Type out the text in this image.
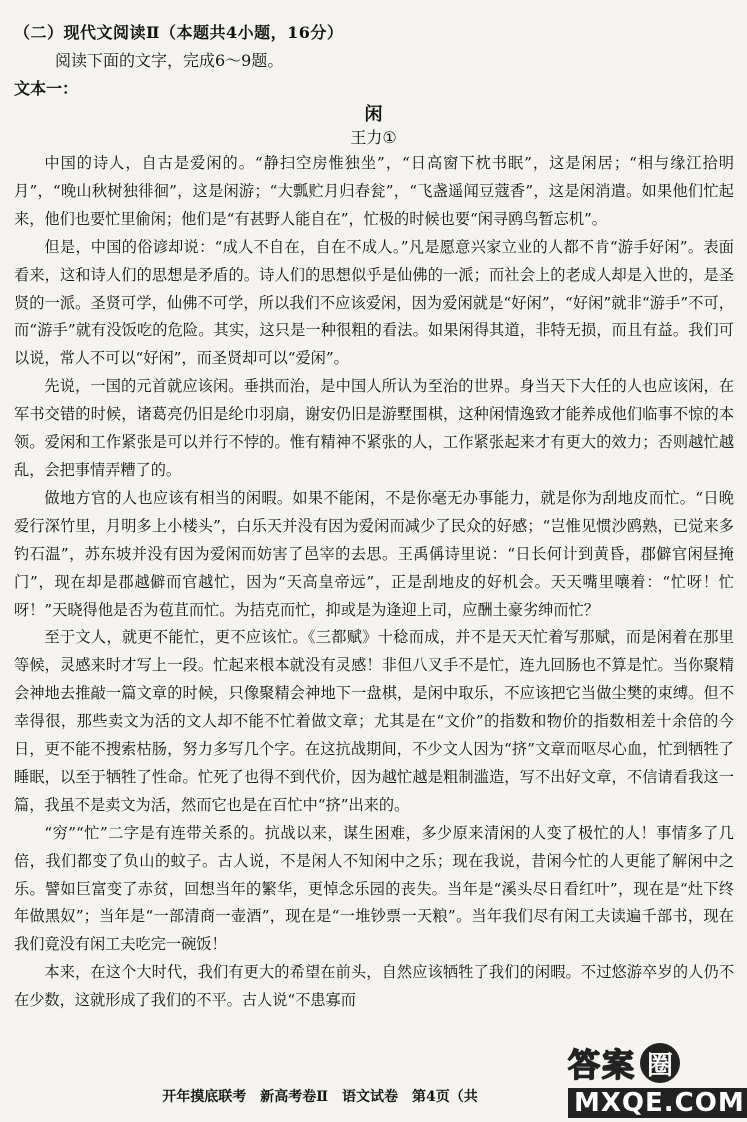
（二）现代文阅读Ⅱ（本题共4小题，16分）
阅读下面的文字，完成6～9题。
文本一：
闲
王力①

中国的诗人，自古是爱闲的。“静扫空房惟独坐”，“日高窗下枕书眠”，这是闲居；“相与缘江拾明月”，“晚山秋树独徘徊”，这是闲游；“大瓢贮月归春瓮”，“飞盏遥闻豆蔻香”，这是闲消遣。如果他们忙起来，他们也要忙里偷闲；他们是“有甚野人能自在”，忙极的时候也要“闲寻鸥鸟暂忘机”。

但是，中国的俗谚却说：“成人不自在，自在不成人。”凡是愿意兴家立业的人都不肯“游手好闲”。表面看来，这和诗人们的思想是矛盾的。诗人们的思想似乎是仙佛的一派；而社会上的老成人却是入世的，是圣贤的一派。圣贤可学，仙佛不可学，所以我们不应该爱闲，因为爱闲就是“好闲”，“好闲”就非“游手”不可，而“游手”就有没饭吃的危险。其实，这只是一种很粗的看法。如果闲得其道，非特无损，而且有益。我们可以说，常人不可以“好闲”，而圣贤却可以“爱闲”。

先说，一国的元首就应该闲。垂拱而治，是中国人所认为至治的世界。身当天下大任的人也应该闲，在军书交错的时候，诸葛亮仍旧是纶巾羽扇，谢安仍旧是游墅围棋，这种闲情逸致才能养成他们临事不惊的本领。爱闲和工作紧张是可以并行不悖的。惟有精神不紧张的人，工作紧张起来才有更大的效力；否则越忙越乱，会把事情弄糟了的。

做地方官的人也应该有相当的闲暇。如果不能闲，不是你毫无办事能力，就是你为刮地皮而忙。“日晚爱行深竹里，月明多上小楼头”，白乐天并没有因为爱闲而减少了民众的好感；“岂惟见惯沙鸥熟，已觉来多钓石温”，苏东坡并没有因为爱闲而妨害了邑宰的去思。王禹偁诗里说：“日长何计到黄昏，郡僻官闲昼掩门”，现在却是郡越僻而官越忙，因为“天高皇帝远”，正是刮地皮的好机会。天天嘴里嚷着：“忙呀！忙呀！”天晓得他是否为苞苴而忙。为拮克而忙，抑或是为逢迎上司，应酬土豪劣绅而忙？

至于文人，就更不能忙，更不应该忙。《三都赋》十稔而成，并不是天天忙着写那赋，而是闲着在那里等候，灵感来时才写上一段。忙起来根本就没有灵感！非但八叉手不是忙，连九回肠也不算是忙。当你聚精会神地去推敲一篇文章的时候，只像聚精会神地下一盘棋，是闲中取乐，不应该把它当做尘樊的束缚。但不幸得很，那些卖文为活的文人却不能不忙着做文章；尤其是在“文价”的指数和物价的指数相差十余倍的今日，更不能不搜索枯肠，努力多写几个字。在这抗战期间，不少文人因为“挤”文章而呕尽心血，忙到牺牲了睡眠，以至于牺牲了性命。忙死了也得不到代价，因为越忙越是粗制滥造，写不出好文章，不信请看我这一篇，我虽不是卖文为活，然而它也是在百忙中“挤”出来的。

“穷”“忙”二字是有连带关系的。抗战以来，谋生困难，多少原来清闲的人变了极忙的人！事情多了几倍，我们都变了负山的蚊子。古人说，不是闲人不知闲中之乐；现在我说，昔闲今忙的人更能了解闲中之乐。譬如巨富变了赤贫，回想当年的繁华，更悼念乐园的丧失。当年是“溪头尽日看红叶”，现在是“灶下终年做黑奴”；当年是“一部清商一壶酒”，现在是“一堆钞票一天粮”。当年我们尽有闲工夫读遍千部书，现在我们竟没有闲工夫吃完一碗饭！

本来，在这个大时代，我们有更大的希望在前头，自然应该牺牲了我们的闲暇。不过悠游卒岁的人仍不在少数，这就形成了我们的不平。古人说“不患寡而

开年摸底联考　新高考卷Ⅱ　语文试卷　第4页（共
答案 圈
MXQE.COM
